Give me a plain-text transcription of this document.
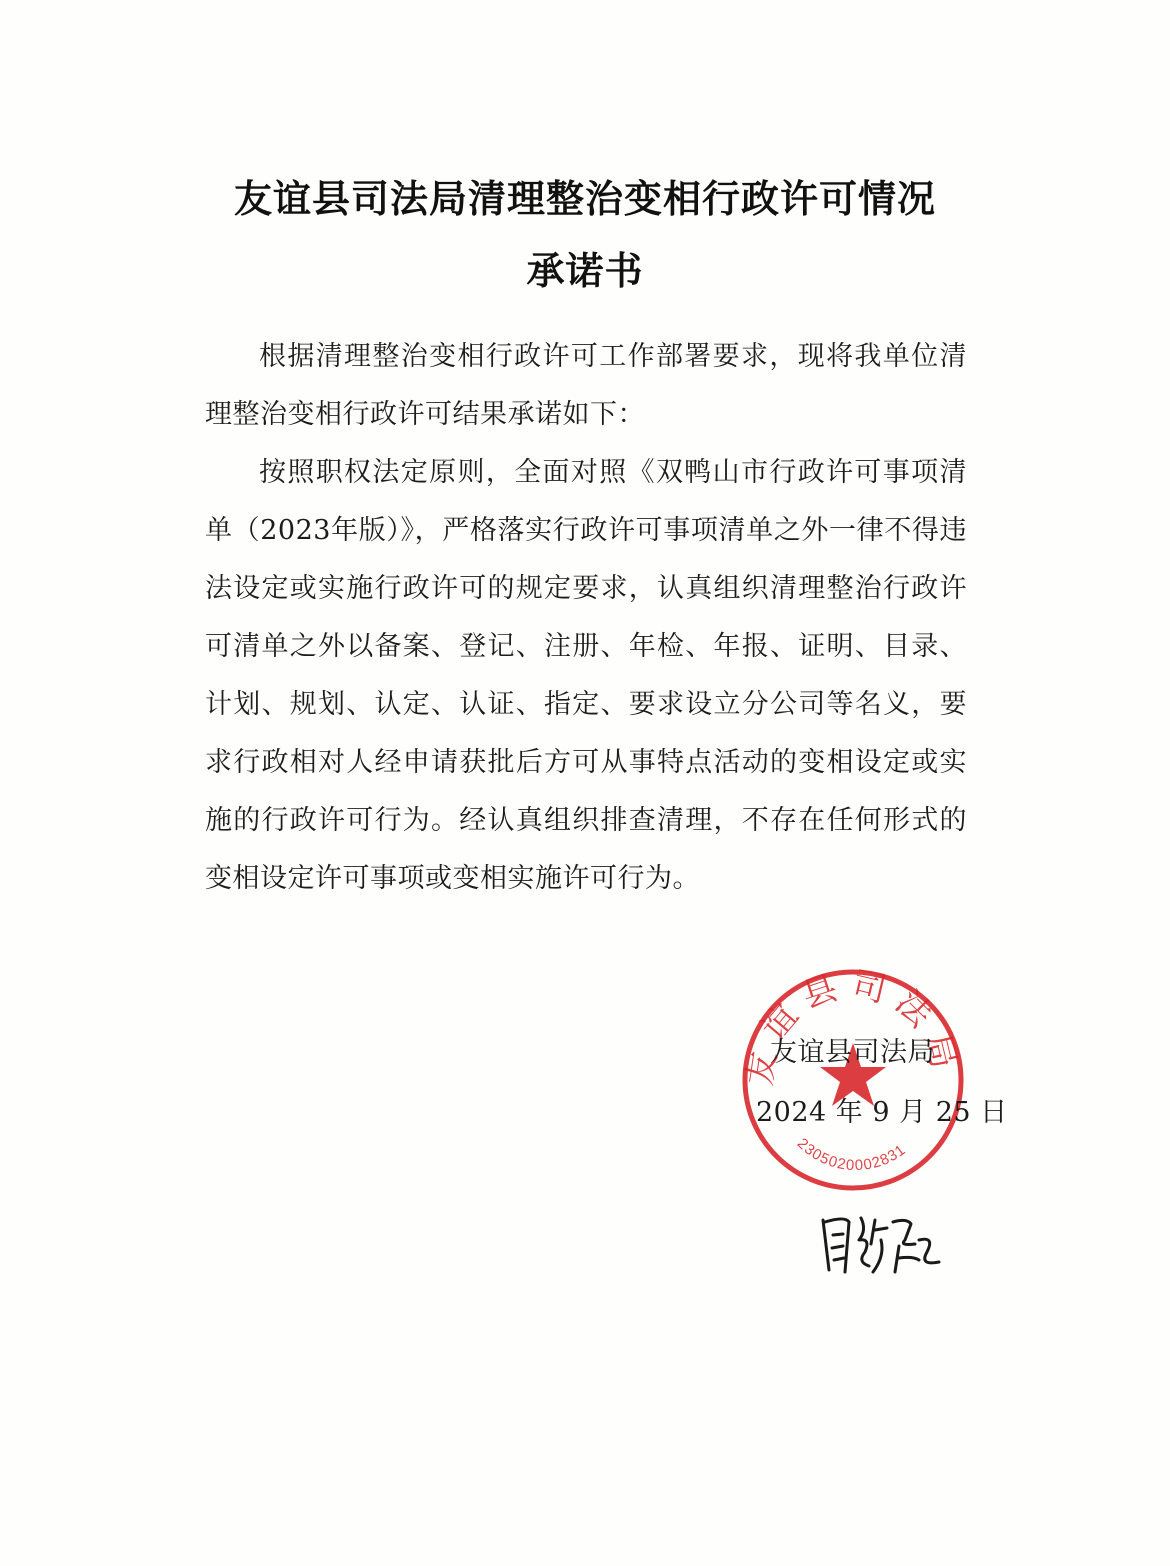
友谊县司法局清理整治变相行政许可情况
承诺书

根据清理整治变相行政许可工作部署要求，现将我单位清理整治变相行政许可结果承诺如下：

按照职权法定原则，全面对照《双鸭山市行政许可事项清单（2023年版）》，严格落实行政许可事项清单之外一律不得违法设定或实施行政许可的规定要求，认真组织清理整治行政许可清单之外以备案、登记、注册、年检、年报、证明、目录、计划、规划、认定、认证、指定、要求设立分公司等名义，要求行政相对人经申请获批后方可从事特点活动的变相设定或实施的行政许可行为。经认真组织排查清理，不存在任何形式的变相设定许可事项或变相实施许可行为。

友谊县司法局
2305020002831
友谊县司法局
2024 年 9 月 25 日
